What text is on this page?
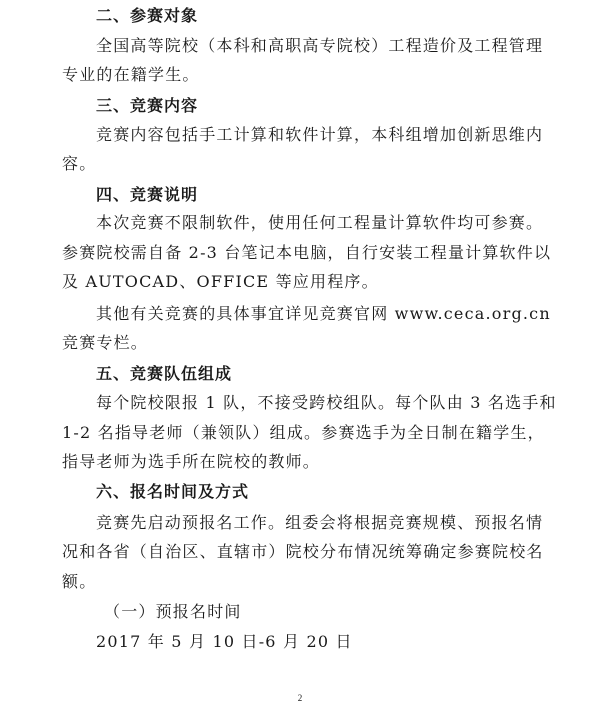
二、参赛对象
全国高等院校（本科和高职高专院校）工程造价及工程管理
专业的在籍学生。
三、竞赛内容
竞赛内容包括手工计算和软件计算，本科组增加创新思维内
容。
四、竞赛说明
本次竞赛不限制软件，使用任何工程量计算软件均可参赛。
参赛院校需自备 2-3 台笔记本电脑，自行安装工程量计算软件以
及 AUTOCAD、OFFICE 等应用程序。
其他有关竞赛的具体事宜详见竞赛官网 www.ceca.org.cn
竞赛专栏。
五、竞赛队伍组成
每个院校限报 1 队，不接受跨校组队。每个队由 3 名选手和
1-2 名指导老师（兼领队）组成。参赛选手为全日制在籍学生，
指导老师为选手所在院校的教师。
六、报名时间及方式
竞赛先启动预报名工作。组委会将根据竞赛规模、预报名情
况和各省（自治区、直辖市）院校分布情况统筹确定参赛院校名
额。
（一）预报名时间
2017 年 5 月 10 日-6 月 20 日
2
